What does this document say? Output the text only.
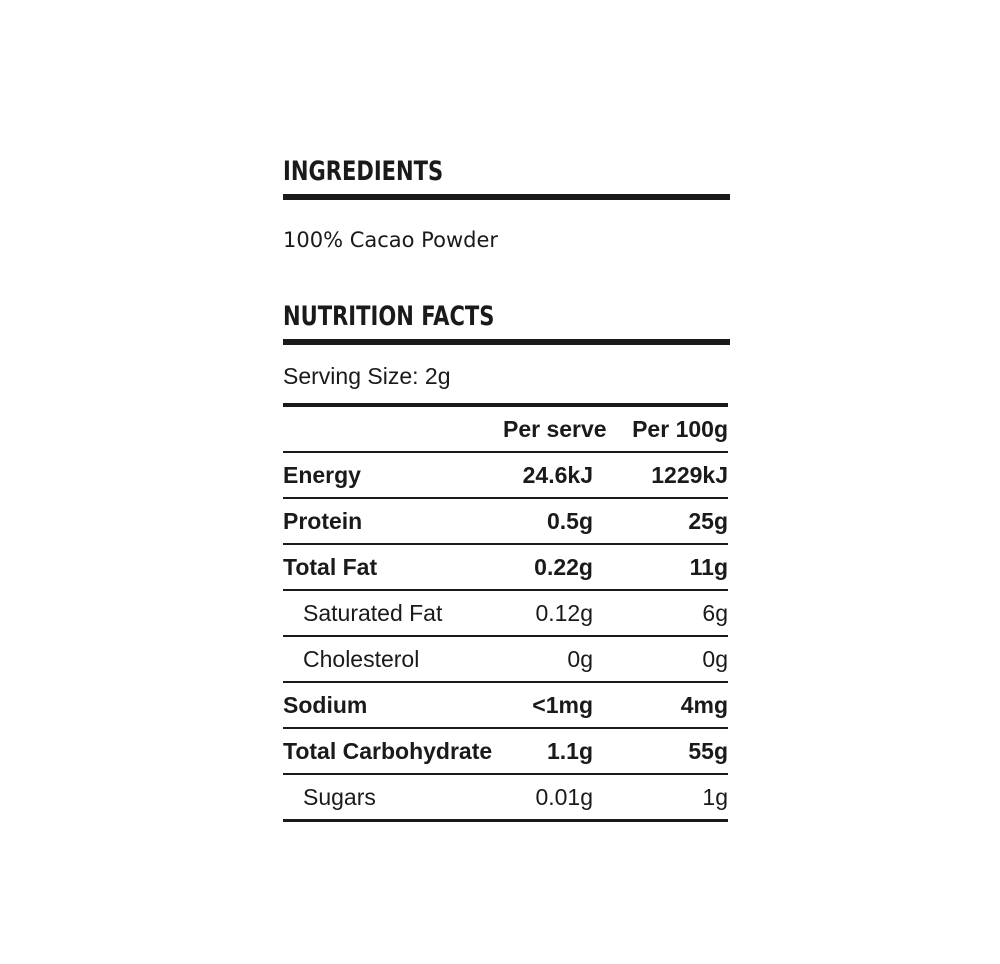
INGREDIENTS
100% Cacao Powder
NUTRITION FACTS
Serving Size: 2g
	Per serve	Per 100g
Energy	24.6kJ	1229kJ
Protein	0.5g	25g
Total Fat	0.22g	11g
Saturated Fat	0.12g	6g
Cholesterol	0g	0g
Sodium	<1mg	4mg
Total Carbohydrate	1.1g	55g
Sugars	0.01g	1g
